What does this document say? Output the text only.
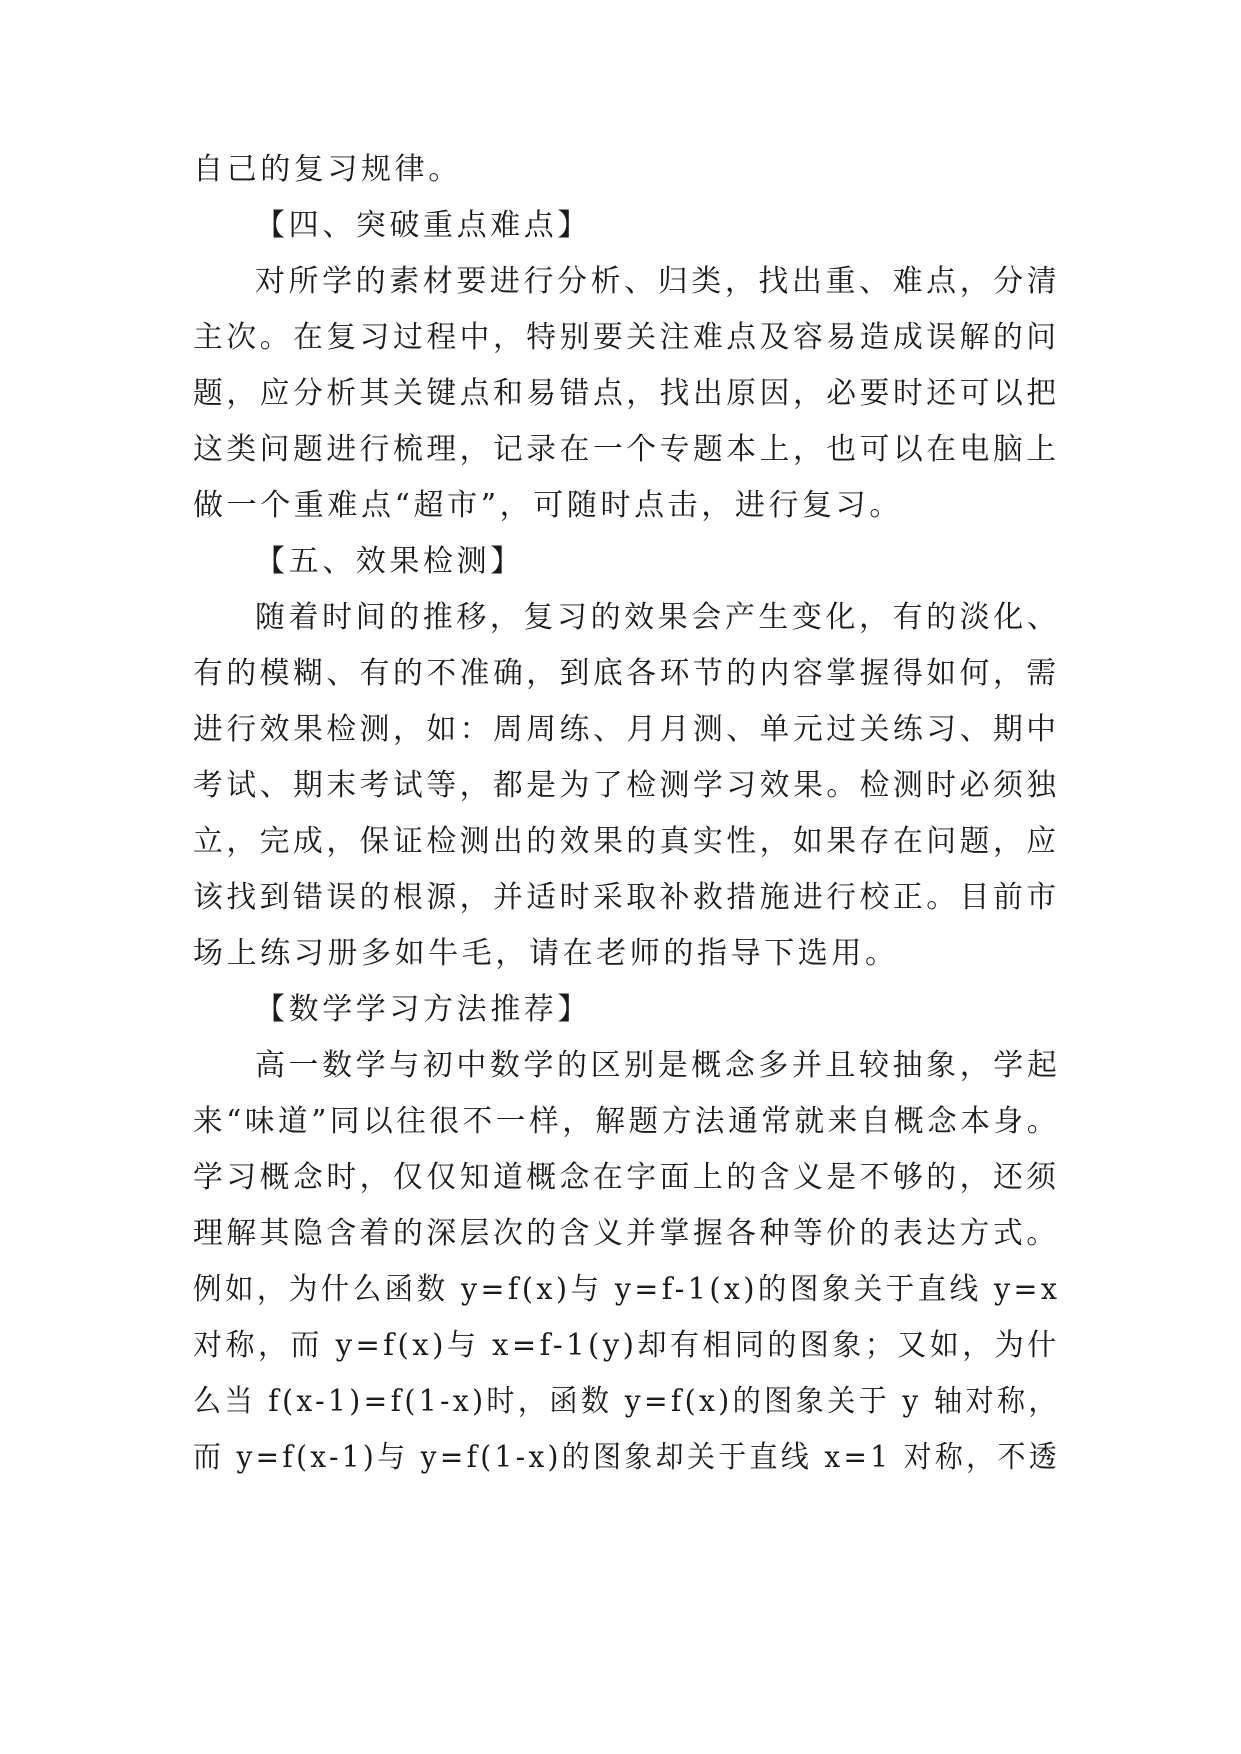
自己的复习规律。
【四、突破重点难点】
对所学的素材要进行分析、归类，找出重、难点，分清
主次。在复习过程中，特别要关注难点及容易造成误解的问
题，应分析其关键点和易错点，找出原因，必要时还可以把
这类问题进行梳理，记录在一个专题本上，也可以在电脑上
做一个重难点“超市”，可随时点击，进行复习。
【五、效果检测】
随着时间的推移，复习的效果会产生变化，有的淡化、
有的模糊、有的不准确，到底各环节的内容掌握得如何，需
进行效果检测，如：周周练、月月测、单元过关练习、期中
考试、期末考试等，都是为了检测学习效果。检测时必须独
立，完成，保证检测出的效果的真实性，如果存在问题，应
该找到错误的根源，并适时采取补救措施进行校正。目前市
场上练习册多如牛毛，请在老师的指导下选用。
【数学学习方法推荐】
高一数学与初中数学的区别是概念多并且较抽象，学起
来“味道”同以往很不一样，解题方法通常就来自概念本身。
学习概念时，仅仅知道概念在字面上的含义是不够的，还须
理解其隐含着的深层次的含义并掌握各种等价的表达方式。
例如，为什么函数 y=f(x)与 y=f-1(x)的图象关于直线 y=x
对称，而 y=f(x)与 x=f-1(y)却有相同的图象；又如，为什
么当 f(x-1)=f(1-x)时，函数 y=f(x)的图象关于 y 轴对称，
而 y=f(x-1)与 y=f(1-x)的图象却关于直线 x=1 对称，不透
